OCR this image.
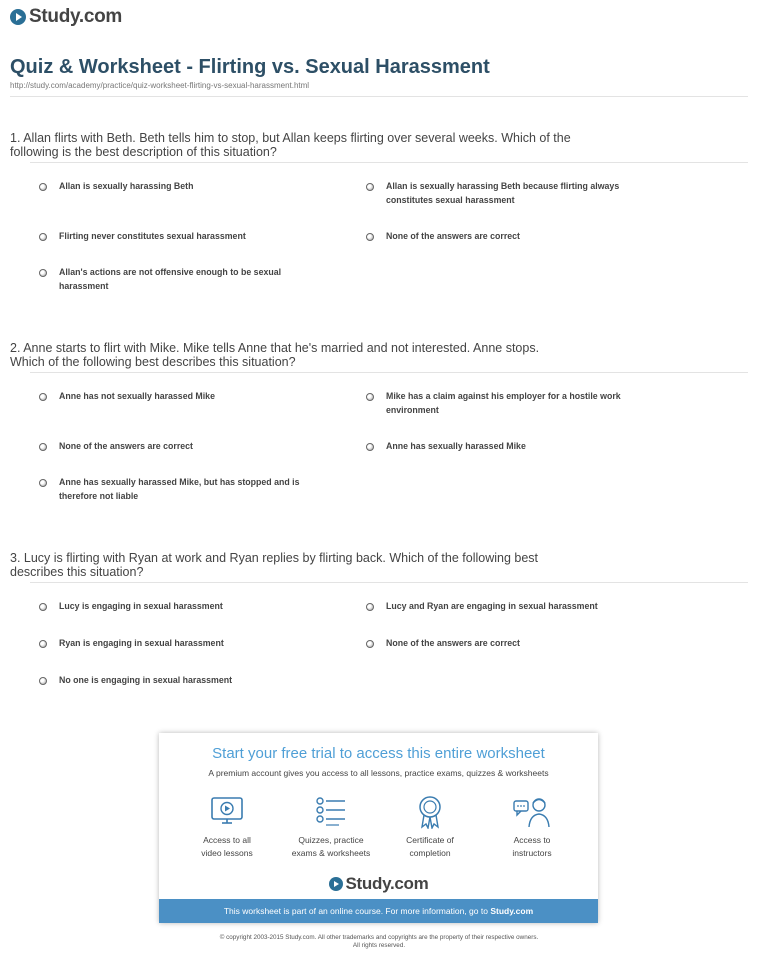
Study.com
Quiz & Worksheet - Flirting vs. Sexual Harassment
http://study.com/academy/practice/quiz-worksheet-flirting-vs-sexual-harassment.html

1. Allan flirts with Beth. Beth tells him to stop, but Allan keeps flirting over several weeks. Which of the
following is the best description of this situation?

Allan is sexually harassing Beth	Allan is sexually harassing Beth because flirting always
constitutes sexual harassment
Flirting never constitutes sexual harassment	None of the answers are correct

Allan's actions are not offensive enough to be sexual
harassment

2. Anne starts to flirt with Mike. Mike tells Anne that he's married and not interested. Anne stops.
Which of the following best describes this situation?

Anne has not sexually harassed Mike	Mike has a claim against his employer for a hostile work
environment
None of the answers are correct	Anne has sexually harassed Mike

Anne has sexually harassed Mike, but has stopped and is
therefore not liable

3. Lucy is flirting with Ryan at work and Ryan replies by flirting back. Which of the following best
describes this situation?

Lucy is engaging in sexual harassment	Lucy and Ryan are engaging in sexual harassment

Ryan is engaging in sexual harassment	None of the answers are correct

No one is engaging in sexual harassment

Start your free trial to access this entire worksheet
A premium account gives you access to all lessons, practice exams, quizzes & worksheets
Access to all
video lessons
Quizzes, practice
exams & worksheets
Certificate of
completion
Access to
instructors
Study.com
This worksheet is part of an online course. For more information, go to Study.com
© copyright 2003-2015 Study.com. All other trademarks and copyrights are the property of their respective owners.
All rights reserved.
